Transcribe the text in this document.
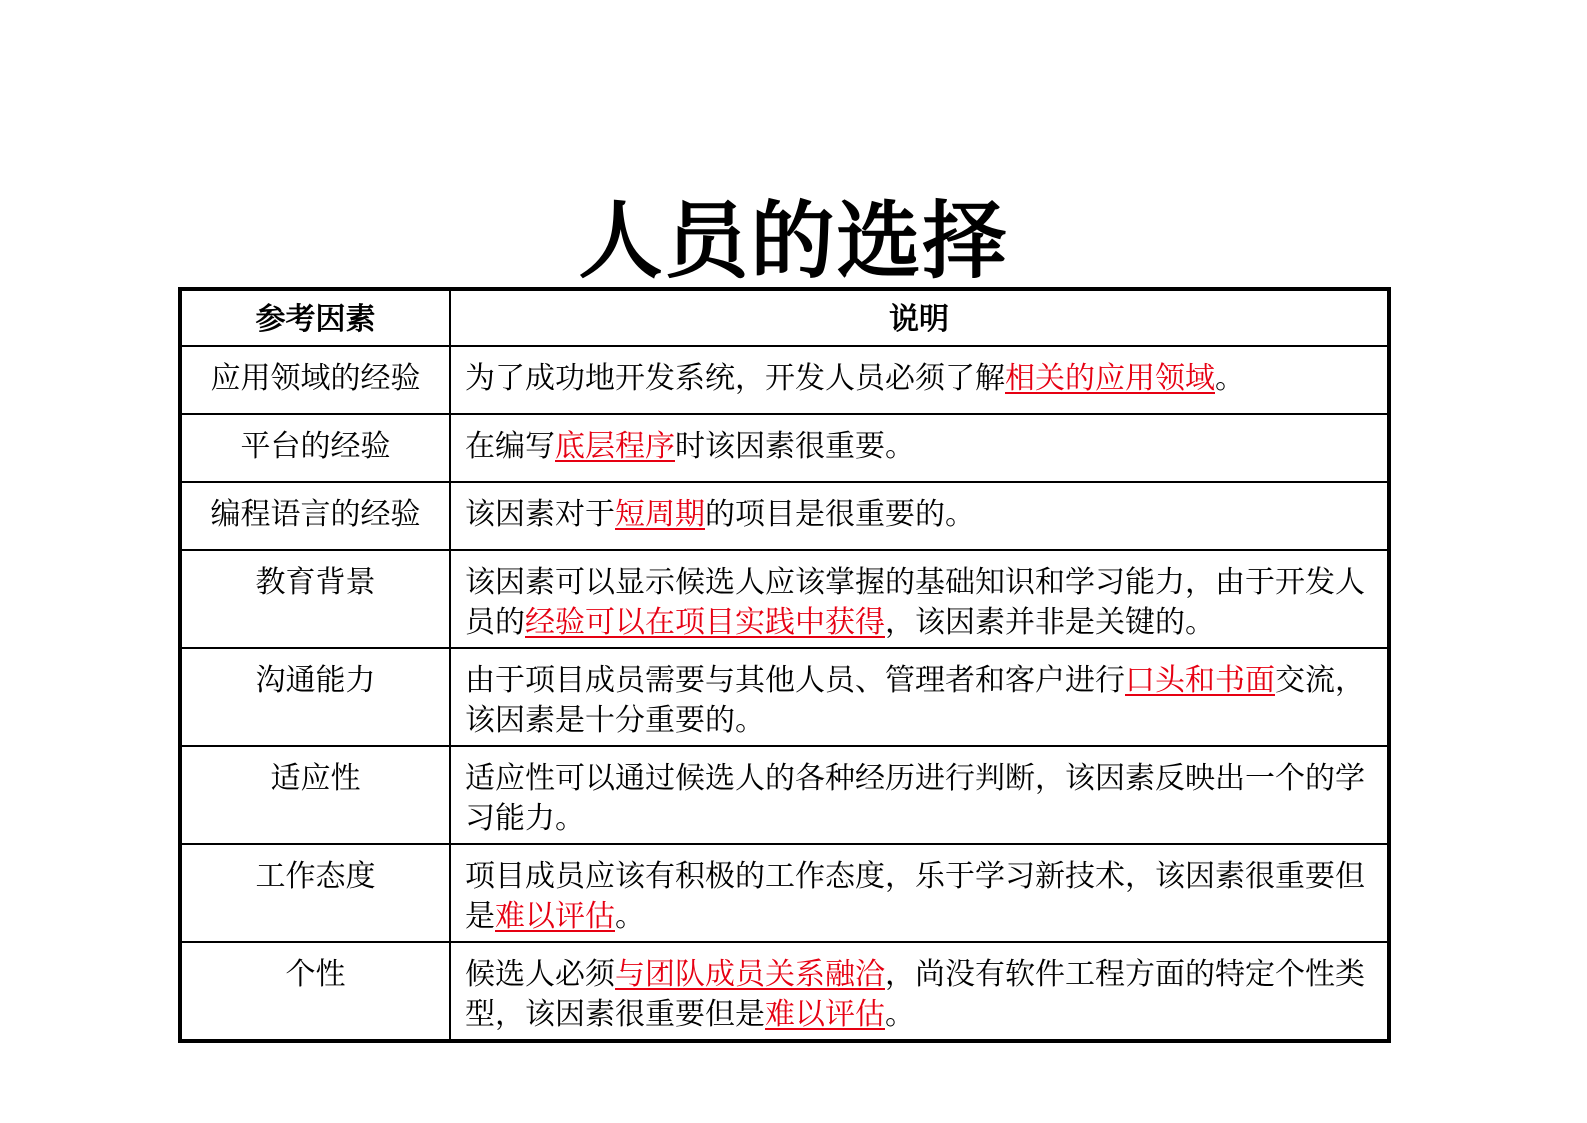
人员的选择
参考因素	说明
应用领域的经验	为了成功地开发系统，开发人员必须了解相关的应用领域。
平台的经验	在编写底层程序时该因素很重要。
编程语言的经验	该因素对于短周期的项目是很重要的。
教育背景	该因素可以显示候选人应该掌握的基础知识和学习能力，由于开发人员的经验可以在项目实践中获得，该因素并非是关键的。
沟通能力	由于项目成员需要与其他人员、管理者和客户进行口头和书面交流，该因素是十分重要的。
适应性	适应性可以通过候选人的各种经历进行判断，该因素反映出一个的学习能力。
工作态度	项目成员应该有积极的工作态度，乐于学习新技术，该因素很重要但是难以评估。
个性	候选人必须与团队成员关系融洽，尚没有软件工程方面的特定个性类型，该因素很重要但是难以评估。
